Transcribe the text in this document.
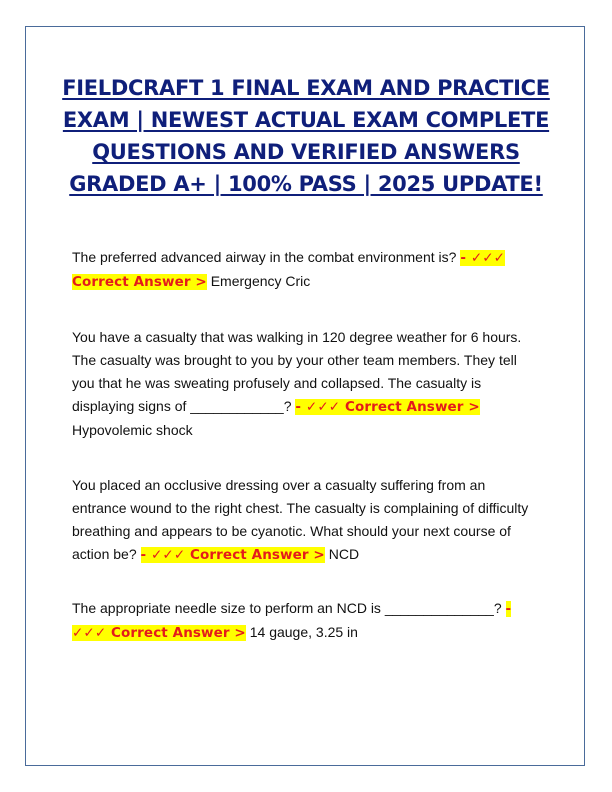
FIELDCRAFT 1 FINAL EXAM AND PRACTICE EXAM | NEWEST ACTUAL EXAM COMPLETE QUESTIONS AND VERIFIED ANSWERS GRADED A+ | 100% PASS | 2025 UPDATE!
The preferred advanced airway in the combat environment is? - ✓✓✓ Correct Answer > Emergency Cric
You have a casualty that was walking in 120 degree weather for 6 hours. The casualty was brought to you by your other team members. They tell you that he was sweating profusely and collapsed. The casualty is displaying signs of ____________? - ✓✓✓ Correct Answer > Hypovolemic shock
You placed an occlusive dressing over a casualty suffering from an entrance wound to the right chest. The casualty is complaining of difficulty breathing and appears to be cyanotic. What should your next course of action be? - ✓✓✓ Correct Answer > NCD
The appropriate needle size to perform an NCD is ______________? - ✓✓✓ Correct Answer > 14 gauge, 3.25 in
